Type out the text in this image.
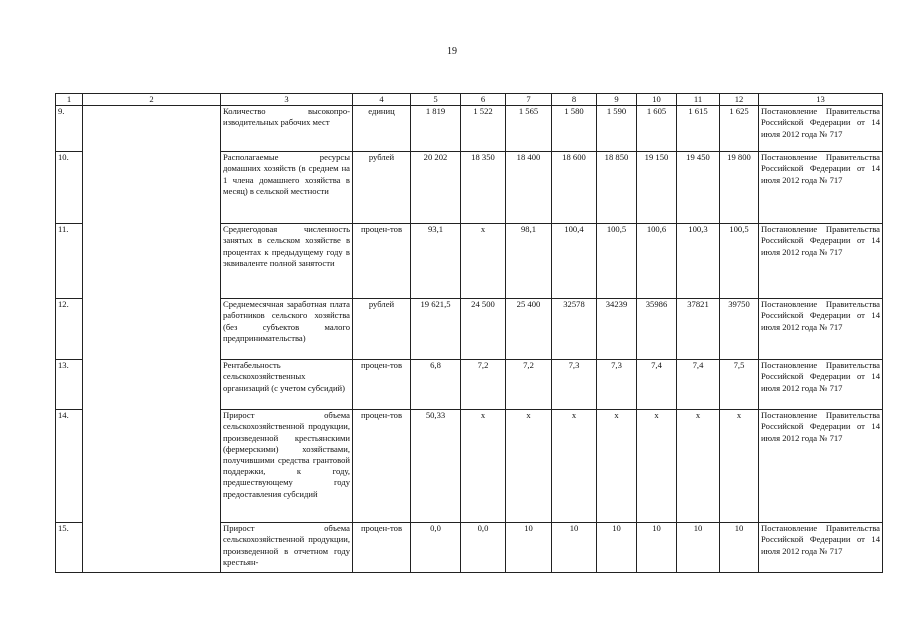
19
1	2	3	4	5	6	7	8	9	10	11	12	13
9.		Количество высокопро-изводительных рабочих мест	единиц	1 819	1 522	1 565	1 580	1 590	1 605	1 615	1 625	Постановление Правительства Российской Федерации от 14 июля 2012 года № 717
10.		Располагаемые ресурсы домашних хозяйств (в среднем на 1 члена домашнего хозяйства в месяц) в сельской местности	рублей	20 202	18 350	18 400	18 600	18 850	19 150	19 450	19 800	Постановление Правительства Российской Федерации от 14 июля 2012 года № 717
11.		Среднегодовая численность занятых в сельском хозяйстве в процентах к предыдущему году в эквиваленте полной занятости	процен-тов	93,1	x	98,1	100,4	100,5	100,6	100,3	100,5	Постановление Правительства Российской Федерации от 14 июля 2012 года № 717
12.		Среднемесячная заработная плата работников сельского хозяйства (без субъектов малого предпринимательства)	рублей	19 621,5	24 500	25 400	32578	34239	35986	37821	39750	Постановление Правительства Российской Федерации от 14 июля 2012 года № 717
13.		Рентабельность сельскохозяйственных организаций (с учетом субсидий)	процен-тов	6,8	7,2	7,2	7,3	7,3	7,4	7,4	7,5	Постановление Правительства Российской Федерации от 14 июля 2012 года № 717
14.		Прирост объема сельскохозяйственной продукции, произведенной крестьянскими (фермерскими) хозяйствами, получившими средства грантовой поддержки, к году, предшествующему году предоставления субсидий	процен-тов	50,33	x	x	x	x	x	x	x	Постановление Правительства Российской Федерации от 14 июля 2012 года № 717
15.		Прирост объема сельскохозяйственной продукции, произведенной в отчетном году крестьян-	процен-тов	0,0	0,0	10	10	10	10	10	10	Постановление Правительства Российской Федерации от 14 июля 2012 года № 717
